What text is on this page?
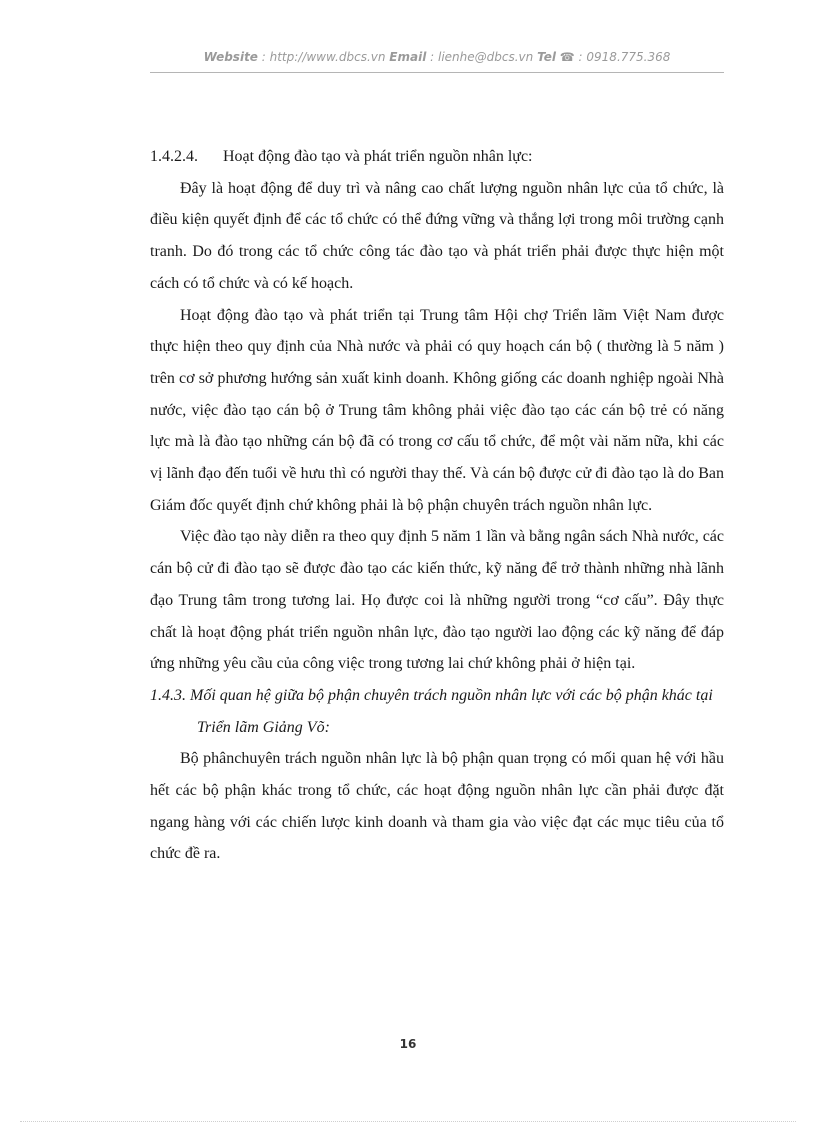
Website : http://www.dbcs.vn Email : lienhe@dbcs.vn Tel ☎ : 0918.775.368

1.4.2.4. Hoạt động đào tạo và phát triển nguồn nhân lực:

Đây là hoạt động để duy trì và nâng cao chất lượng nguồn nhân lực của tổ chức, là điều kiện quyết định để các tổ chức có thể đứng vững và thắng lợi trong môi trường cạnh tranh. Do đó trong các tổ chức công tác đào tạo và phát triển phải được thực hiện một cách có tổ chức và có kế hoạch.

Hoạt động đào tạo và phát triển tại Trung tâm Hội chợ Triển lãm Việt Nam được thực hiện theo quy định của Nhà nước và phải có quy hoạch cán bộ ( thường là 5 năm ) trên cơ sở phương hướng sản xuất kinh doanh. Không giống các doanh nghiệp ngoài Nhà nước, việc đào tạo cán bộ ở Trung tâm không phải việc đào tạo các cán bộ trẻ có năng lực mà là đào tạo những cán bộ đã có trong cơ cấu tổ chức, để một vài năm nữa, khi các vị lãnh đạo đến tuổi về hưu thì có người thay thế. Và cán bộ được cử đi đào tạo là do Ban Giám đốc quyết định chứ không phải là bộ phận chuyên trách nguồn nhân lực.

Việc đào tạo này diễn ra theo quy định 5 năm 1 lần và bằng ngân sách Nhà nước, các cán bộ cử đi đào tạo sẽ được đào tạo các kiến thức, kỹ năng để trở thành những nhà lãnh đạo Trung tâm trong tương lai. Họ được coi là những người trong “cơ cấu”. Đây thực chất là hoạt động phát triển nguồn nhân lực, đào tạo người lao động các kỹ năng để đáp ứng những yêu cầu của công việc trong tương lai chứ không phải ở hiện tại.

1.4.3. Mối quan hệ giữa bộ phận chuyên trách nguồn nhân lực với các bộ phận khác tại Triển lãm Giảng Võ:

Bộ phânchuyên trách nguồn nhân lực là bộ phận quan trọng có mối quan hệ với hầu hết các bộ phận khác trong tổ chức, các hoạt động nguồn nhân lực cần phải được đặt ngang hàng với các chiến lược kinh doanh và tham gia vào việc đạt các mục tiêu của tổ chức đề ra.

16
